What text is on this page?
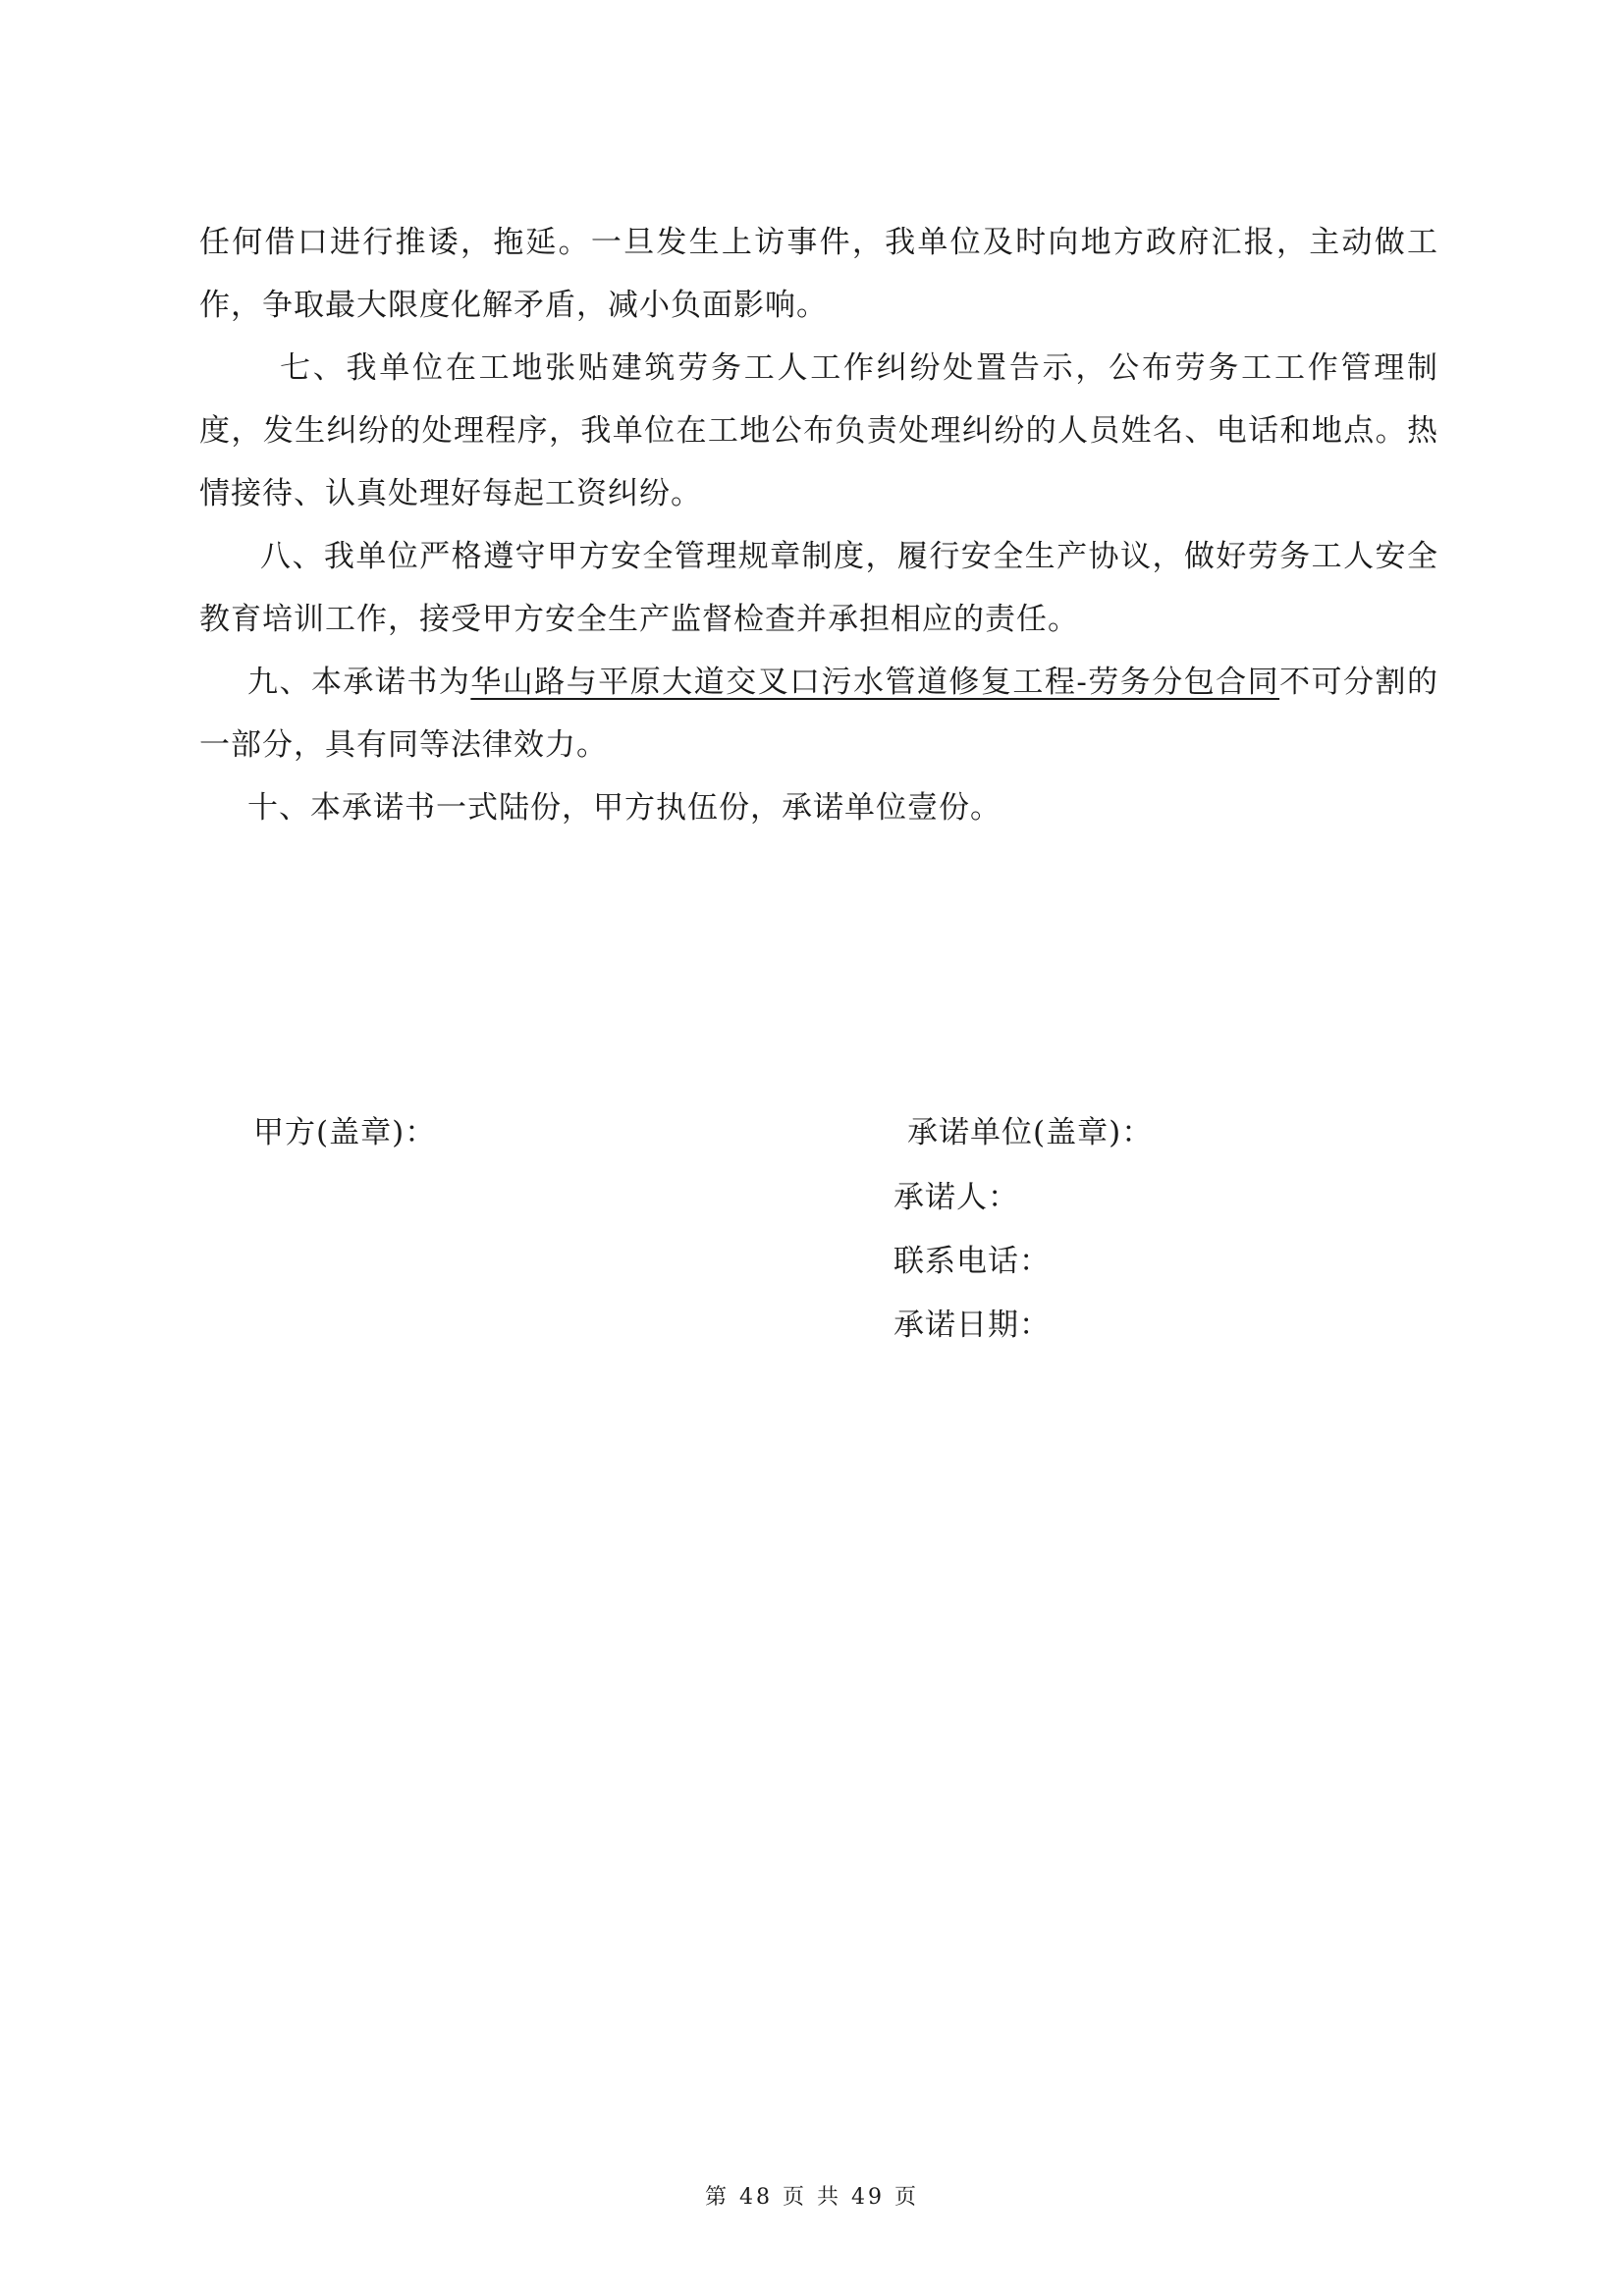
任何借口进行推诿，拖延。一旦发生上访事件，我单位及时向地方政府汇报，主动做工作，争取最大限度化解矛盾，减小负面影响。

七、我单位在工地张贴建筑劳务工人工作纠纷处置告示，公布劳务工工作管理制度，发生纠纷的处理程序，我单位在工地公布负责处理纠纷的人员姓名、电话和地点。热情接待、认真处理好每起工资纠纷。

八、我单位严格遵守甲方安全管理规章制度，履行安全生产协议，做好劳务工人安全教育培训工作，接受甲方安全生产监督检查并承担相应的责任。

九、本承诺书为华山路与平原大道交叉口污水管道修复工程-劳务分包合同不可分割的一部分，具有同等法律效力。

十、本承诺书一式陆份，甲方执伍份，承诺单位壹份。

甲方(盖章)：	承诺单位(盖章)：
承诺人：
联系电话：
承诺日期：
第 48 页 共 49 页
